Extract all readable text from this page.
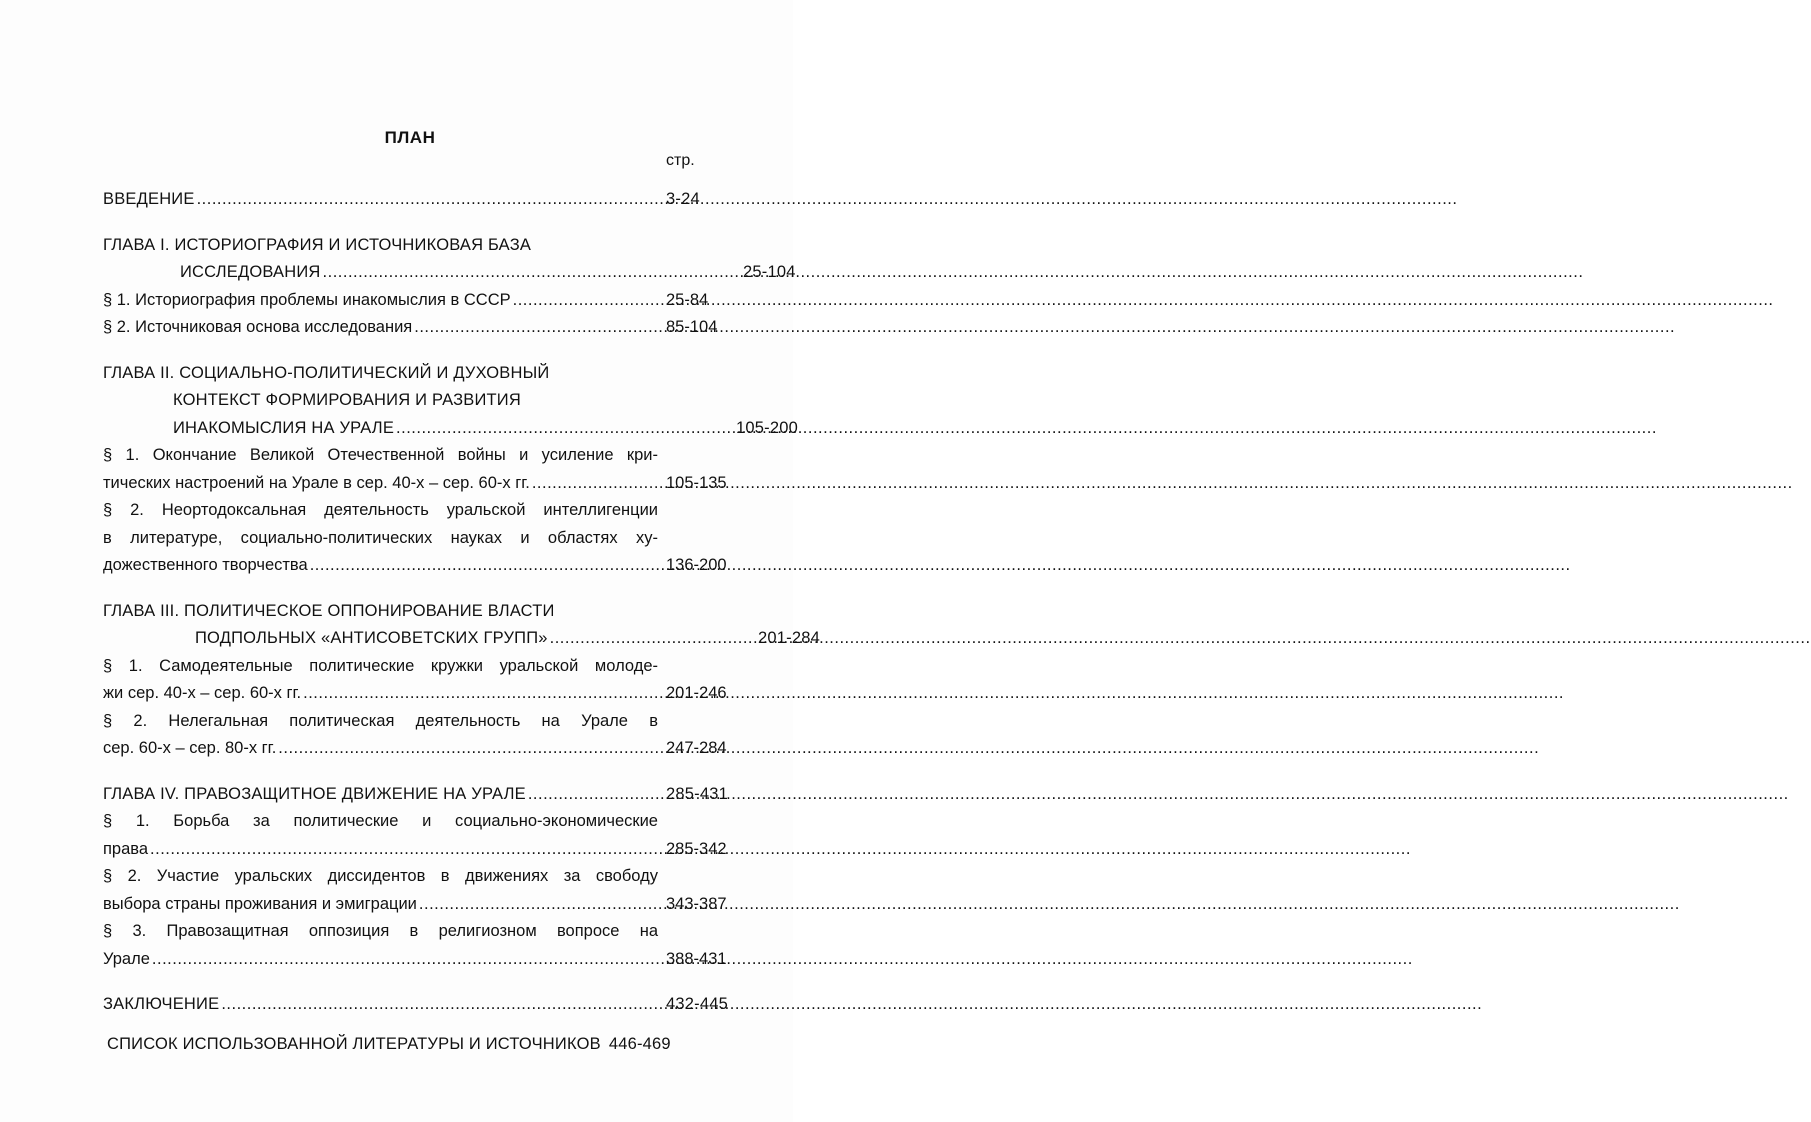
ПЛАН
стр.
ВВЕДЕНИЕ .....	3-24
ГЛАВА I. ИСТОРИОГРАФИЯ И ИСТОЧНИКОВАЯ БАЗА
ИССЛЕДОВАНИЯ .....	25-104
§ 1. Историография проблемы инакомыслия в СССР .....	25-84
§ 2. Источниковая основа исследования .....	85-104
ГЛАВА II. СОЦИАЛЬНО-ПОЛИТИЧЕСКИЙ И ДУХОВНЫЙ
КОНТЕКСТ ФОРМИРОВАНИЯ И РАЗВИТИЯ
ИНАКОМЫСЛИЯ НА УРАЛЕ .....	105-200
§ 1. Окончание Великой Отечественной войны и усиление кри-
тических настроений на Урале в сер. 40-х – сер. 60-х гг. .....	105-135
§ 2. Неортодоксальная деятельность уральской интеллигенции
в литературе, социально-политических науках и областях ху-
дожественного творчества .....	136-200
ГЛАВА III. ПОЛИТИЧЕСКОЕ ОППОНИРОВАНИЕ ВЛАСТИ
ПОДПОЛЬНЫХ «АНТИСОВЕТСКИХ ГРУПП» .....	201-284
§ 1. Самодеятельные политические кружки уральской молоде-
жи сер. 40-х – сер. 60-х гг. .....	201-246
§ 2. Нелегальная политическая деятельность на Урале в
сер. 60-х – сер. 80-х гг. .....	247-284
ГЛАВА IV. ПРАВОЗАЩИТНОЕ ДВИЖЕНИЕ НА УРАЛЕ .....	285-431
§ 1. Борьба за политические и социально-экономические
права .....	285-342
§ 2. Участие уральских диссидентов в движениях за свободу
выбора страны проживания и эмиграции .....	343-387
§ 3. Правозащитная оппозиция в религиозном вопросе на
Урале .....	388-431
ЗАКЛЮЧЕНИЕ .....	432-445
СПИСОК ИСПОЛЬЗОВАННОЙ ЛИТЕРАТУРЫ И ИСТОЧНИКОВ 446-469
